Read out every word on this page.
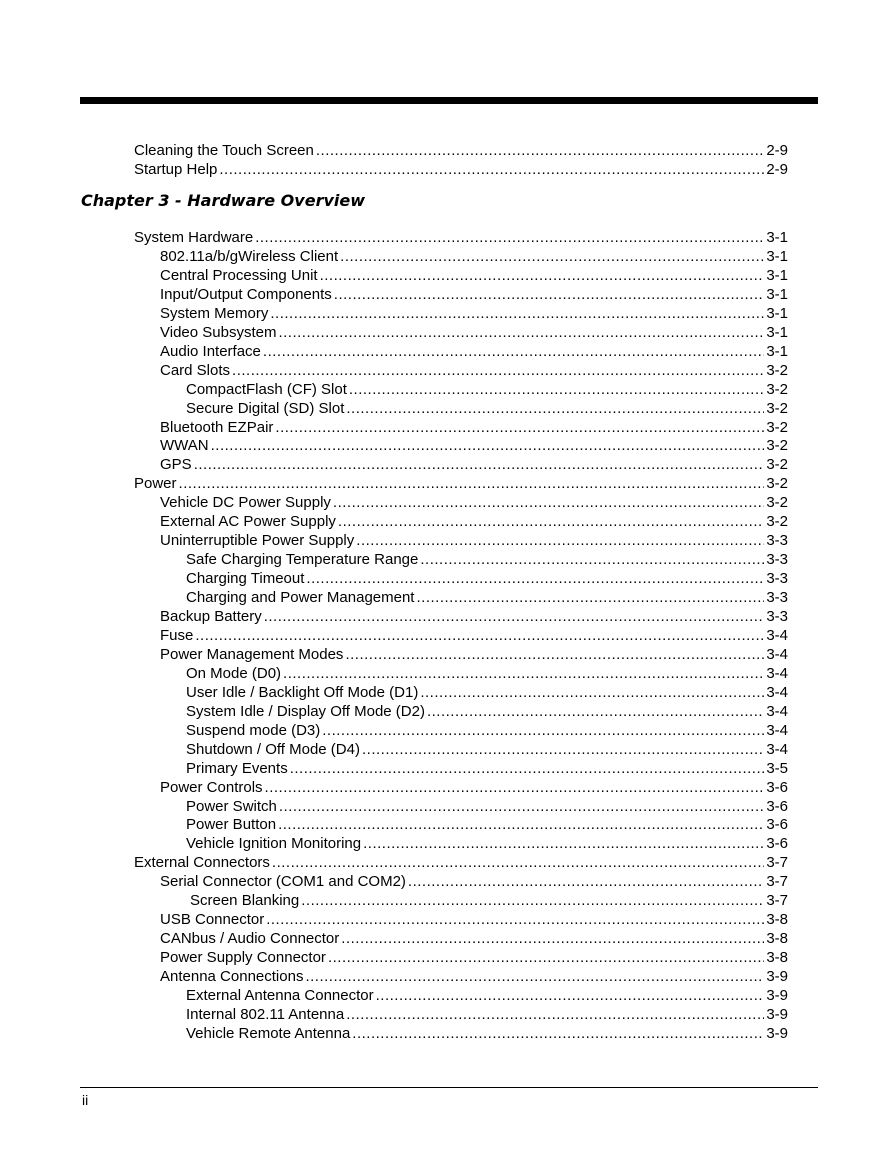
Cleaning the Touch Screen .....	2-9
Startup Help .....	2-9
System Hardware .....	3-1
802.11a/b/gWireless Client .....	3-1
Central Processing Unit .....	3-1
Input/Output Components .....	3-1
System Memory .....	3-1
Video Subsystem .....	3-1
Audio Interface .....	3-1
Card Slots .....	3-2
CompactFlash (CF) Slot .....	3-2
Secure Digital (SD) Slot .....	3-2
Bluetooth EZPair .....	3-2
WWAN .....	3-2
GPS .....	3-2
Power .....	3-2
Vehicle DC Power Supply .....	3-2
External AC Power Supply .....	3-2
Uninterruptible Power Supply .....	3-3
Safe Charging Temperature Range .....	3-3
Charging Timeout .....	3-3
Charging and Power Management .....	3-3
Backup Battery .....	3-3
Fuse .....	3-4
Power Management Modes .....	3-4
On Mode (D0) .....	3-4
User Idle / Backlight Off Mode (D1) .....	3-4
System Idle / Display Off Mode (D2) .....	3-4
Suspend mode (D3) .....	3-4
Shutdown / Off Mode (D4) .....	3-4
Primary Events .....	3-5
Power Controls .....	3-6
Power Switch .....	3-6
Power Button .....	3-6
Vehicle Ignition Monitoring .....	3-6
External Connectors .....	3-7
Serial Connector (COM1 and COM2) .....	3-7
Screen Blanking .....	3-7
USB Connector .....	3-8
CANbus / Audio Connector .....	3-8
Power Supply Connector .....	3-8
Antenna Connections .....	3-9
External Antenna Connector .....	3-9
Internal 802.11 Antenna .....	3-9
Vehicle Remote Antenna .....	3-9
Chapter 3 - Hardware Overview
ii
